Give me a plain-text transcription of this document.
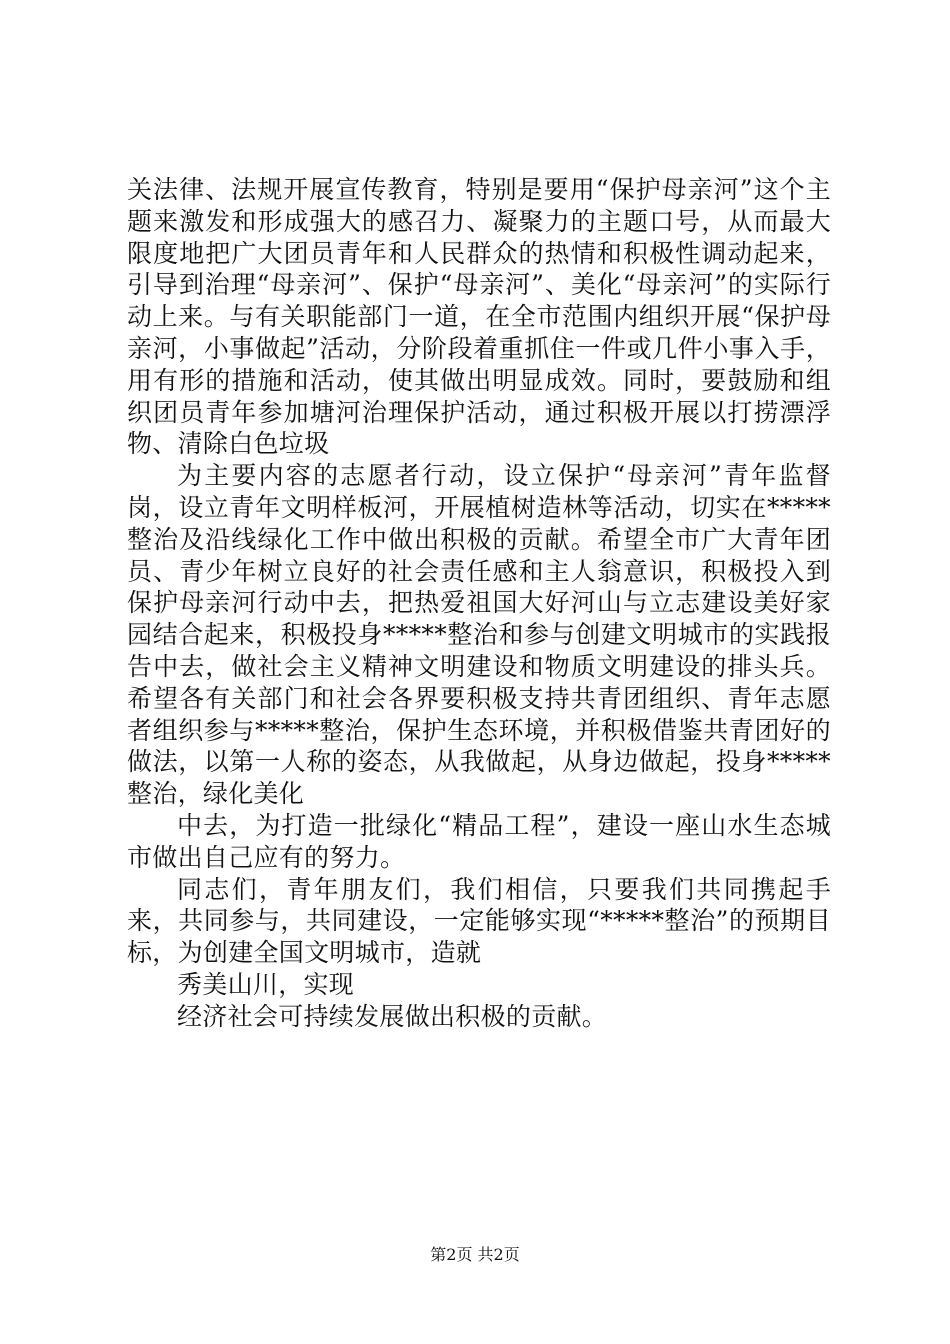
关法律、法规开展宣传教育，特别是要用“保护母亲河”这个主题来激发和形成强大的感召力、凝聚力的主题口号，从而最大限度地把广大团员青年和人民群众的热情和积极性调动起来，引导到治理“母亲河”、保护“母亲河”、美化“母亲河”的实际行动上来。与有关职能部门一道，在全市范围内组织开展“保护母亲河，小事做起”活动，分阶段着重抓住一件或几件小事入手，用有形的措施和活动，使其做出明显成效。同时，要鼓励和组织团员青年参加塘河治理保护活动，通过积极开展以打捞漂浮物、清除白色垃圾

为主要内容的志愿者行动，设立保护“母亲河”青年监督岗，设立青年文明样板河，开展植树造林等活动，切实在*****整治及沿线绿化工作中做出积极的贡献。希望全市广大青年团员、青少年树立良好的社会责任感和主人翁意识，积极投入到保护母亲河行动中去，把热爱祖国大好河山与立志建设美好家园结合起来，积极投身*****整治和参与创建文明城市的实践报告中去，做社会主义精神文明建设和物质文明建设的排头兵。希望各有关部门和社会各界要积极支持共青团组织、青年志愿者组织参与*****整治，保护生态环境，并积极借鉴共青团好的做法，以第一人称的姿态，从我做起，从身边做起，投身*****整治，绿化美化

中去，为打造一批绿化“精品工程”，建设一座山水生态城市做出自己应有的努力。

同志们，青年朋友们，我们相信，只要我们共同携起手来，共同参与，共同建设，一定能够实现“*****整治”的预期目标，为创建全国文明城市，造就

秀美山川，实现

经济社会可持续发展做出积极的贡献。

第2页 共2页
